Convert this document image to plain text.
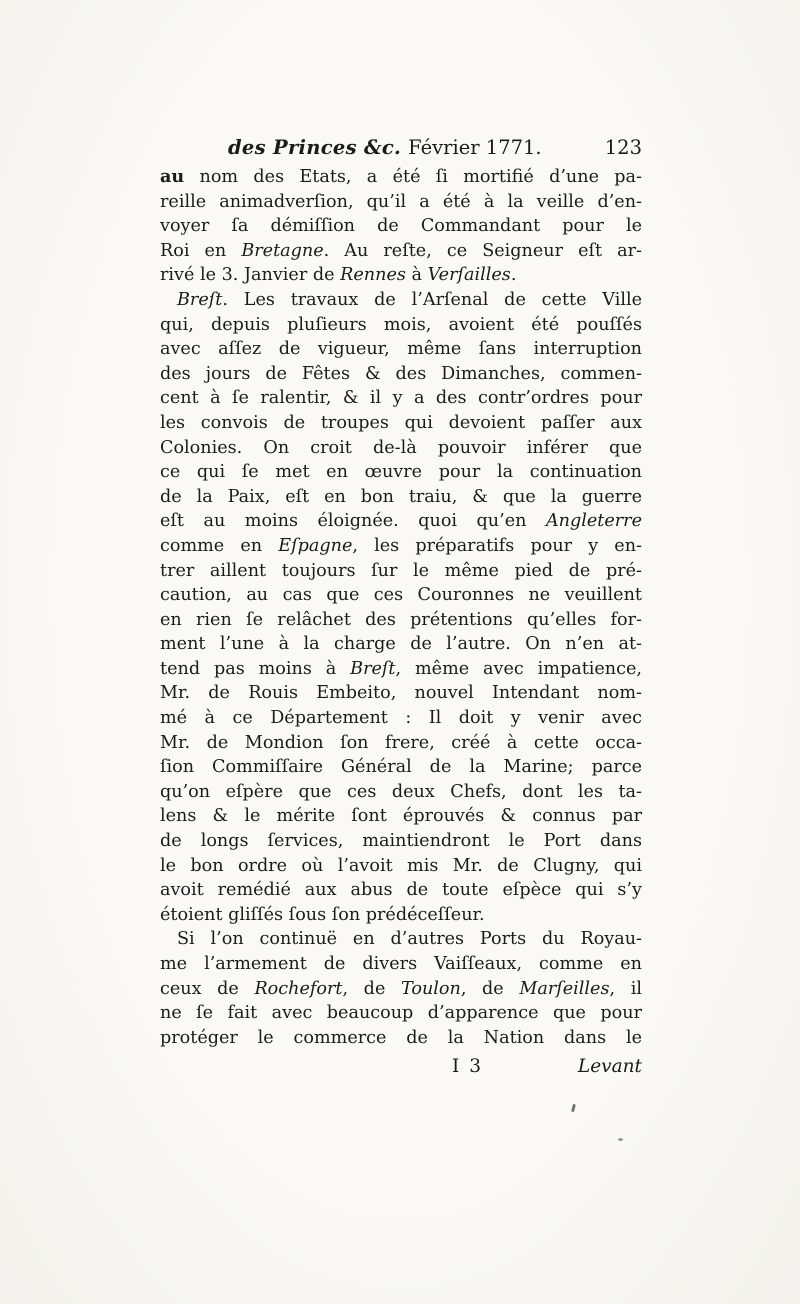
des Princes &c. Février 1771.	123
au nom des Etats, a été ſi mortifié d’une pa-
reille animadverſion, qu’il a été à la veille d’en-
voyer ſa démiſſion de Commandant pour le
Roi en Bretagne. Au reſte, ce Seigneur eſt ar-
rivé le 3. Janvier de Rennes à Verſailles.
Breſt. Les travaux de l’Arſenal de cette Ville
qui, depuis pluſieurs mois, avoient été pouſſés
avec aſſez de vigueur, même ſans interruption
des jours de Fêtes & des Dimanches, commen-
cent à ſe ralentir, & il y a des contr’ordres pour
les convois de troupes qui devoient paſſer aux
Colonies. On croit de-là pouvoir inférer que
ce qui ſe met en œuvre pour la continuation
de la Paix, eſt en bon traiu, & que la guerre
eſt au moins éloignée. quoi qu’en Angleterre
comme en Eſpagne, les préparatifs pour y en-
trer aillent toujours ſur le même pied de pré-
caution, au cas que ces Couronnes ne veuillent
en rien ſe relâchet des prétentions qu’elles for-
ment l’une à la charge de l’autre. On n’en at-
tend pas moins à Breſt, même avec impatience,
Mr. de Rouis Embeito, nouvel Intendant nom-
mé à ce Département : Il doit y venir avec
Mr. de Mondion ſon frere, créé à cette occa-
ſion Commiſſaire Général de la Marine; parce
qu’on eſpère que ces deux Chefs, dont les ta-
lens & le mérite ſont éprouvés & connus par
de longs ſervices, maintiendront le Port dans
le bon ordre où l’avoit mis Mr. de Clugny, qui
avoit remédié aux abus de toute eſpèce qui s’y
étoient gliſſés ſous ſon prédéceſſeur.
Si l’on continuë en d’autres Ports du Royau-
me l’armement de divers Vaiſſeaux, comme en
ceux de Rochefort, de Toulon, de Marſeilles, il
ne ſe fait avec beaucoup d’apparence que pour
protéger le commerce de la Nation dans le
I 3	Levant
